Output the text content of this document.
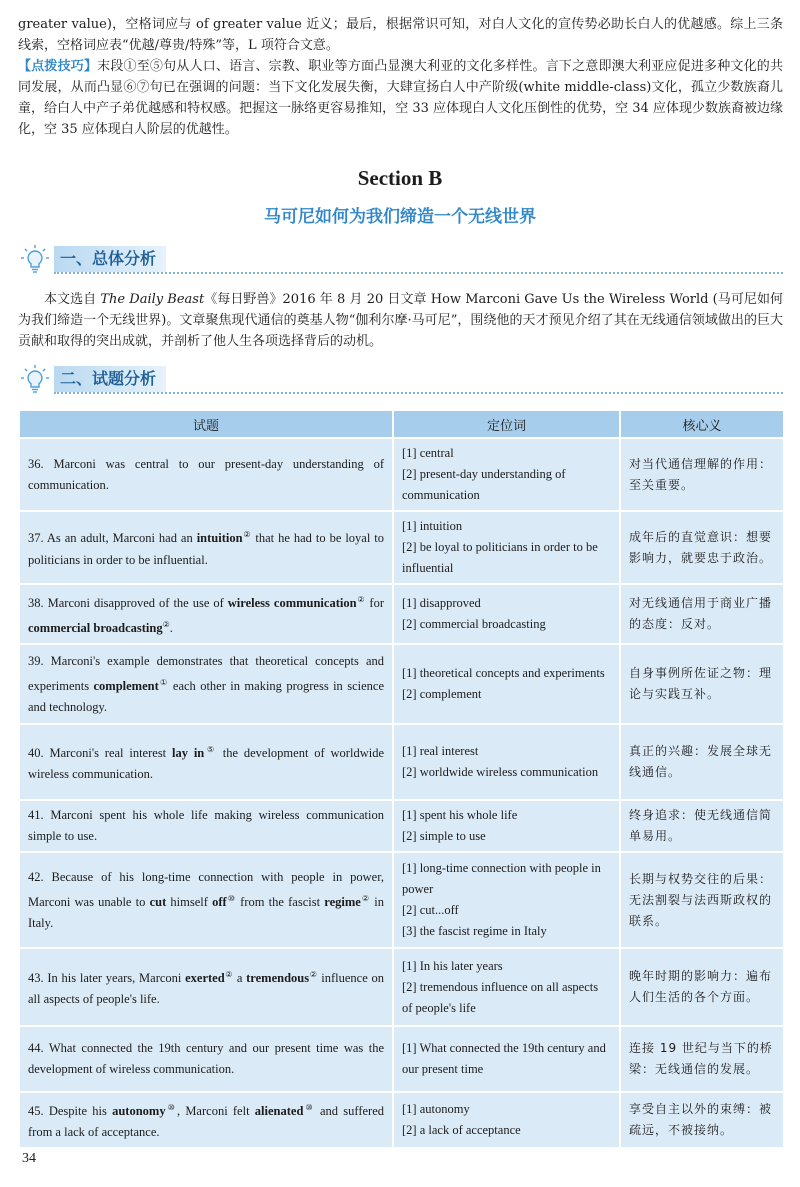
greater value)，空格词应与 of greater value 近义；最后，根据常识可知，对白人文化的宣传势必助长白人的优越感。综上三条线索，空格词应表“优越/尊贵/特殊”等，L 项符合文意。

【点拨技巧】末段①至⑤句从人口、语言、宗教、职业等方面凸显澳大利亚的文化多样性。言下之意即澳大利亚应促进多种文化的共同发展，从而凸显⑥⑦句已在强调的问题：当下文化发展失衡，大肆宣扬白人中产阶级(white middle-class)文化，孤立少数族裔儿童，给白人中产子弟优越感和特权感。把握这一脉络更容易推知，空 33 应体现白人文化压倒性的优势，空 34 应体现少数族裔被边缘化，空 35 应体现白人阶层的优越性。

Section B
马可尼如何为我们缔造一个无线世界
一、总体分析

本文选自 The Daily Beast《每日野兽》2016 年 8 月 20 日文章 How Marconi Gave Us the Wireless World (马可尼如何为我们缔造一个无线世界)。文章聚焦现代通信的奠基人物“伽利尔摩·马可尼”，围绕他的天才预见介绍了其在无线通信领域做出的巨大贡献和取得的突出成就，并剖析了他人生各项选择背后的动机。

二、试题分析
试题	定位词	核心义
36. Marconi was central to our present-day understanding of communication.	[1] central
[2] present-day understanding of communication	对当代通信理解的作用：至关重要。
37. As an adult, Marconi had an intuition② that he had to be loyal to politicians in order to be influential.	[1] intuition
[2] be loyal to politicians in order to be influential	成年后的直觉意识：想要影响力，就要忠于政治。
38. Marconi disapproved of the use of wireless communication② for commercial broadcasting②.	[1] disapproved
[2] commercial broadcasting	对无线通信用于商业广播的态度：反对。
39. Marconi's example demonstrates that theoretical concepts and experiments complement① each other in making progress in science and technology.	[1] theoretical concepts and experiments
[2] complement	自身事例所佐证之物：理论与实践互补。
40. Marconi's real interest lay in⑤ the development of worldwide wireless communication.	[1] real interest
[2] worldwide wireless communication	真正的兴趣：发展全球无线通信。
41. Marconi spent his whole life making wireless communication simple to use.	[1] spent his whole life
[2] simple to use	终身追求：使无线通信简单易用。
42. Because of his long-time connection with people in power, Marconi was unable to cut himself off⑩ from the fascist regime② in Italy.	[1] long-time connection with people in power
[2] cut...off
[3] the fascist regime in Italy	长期与权势交往的后果：无法割裂与法西斯政权的联系。
43. In his later years, Marconi exerted② a tremendous② influence on all aspects of people's life.	[1] In his later years
[2] tremendous influence on all aspects of people's life	晚年时期的影响力：遍布人们生活的各个方面。
44. What connected the 19th century and our present time was the development of wireless communication.	[1] What connected the 19th century and our present time	连接 19 世纪与当下的桥梁：无线通信的发展。
45. Despite his autonomy⑩, Marconi felt alienated⑩ and suffered from a lack of acceptance.	[1] autonomy
[2] a lack of acceptance	享受自主以外的束缚：被疏远，不被接纳。
34
